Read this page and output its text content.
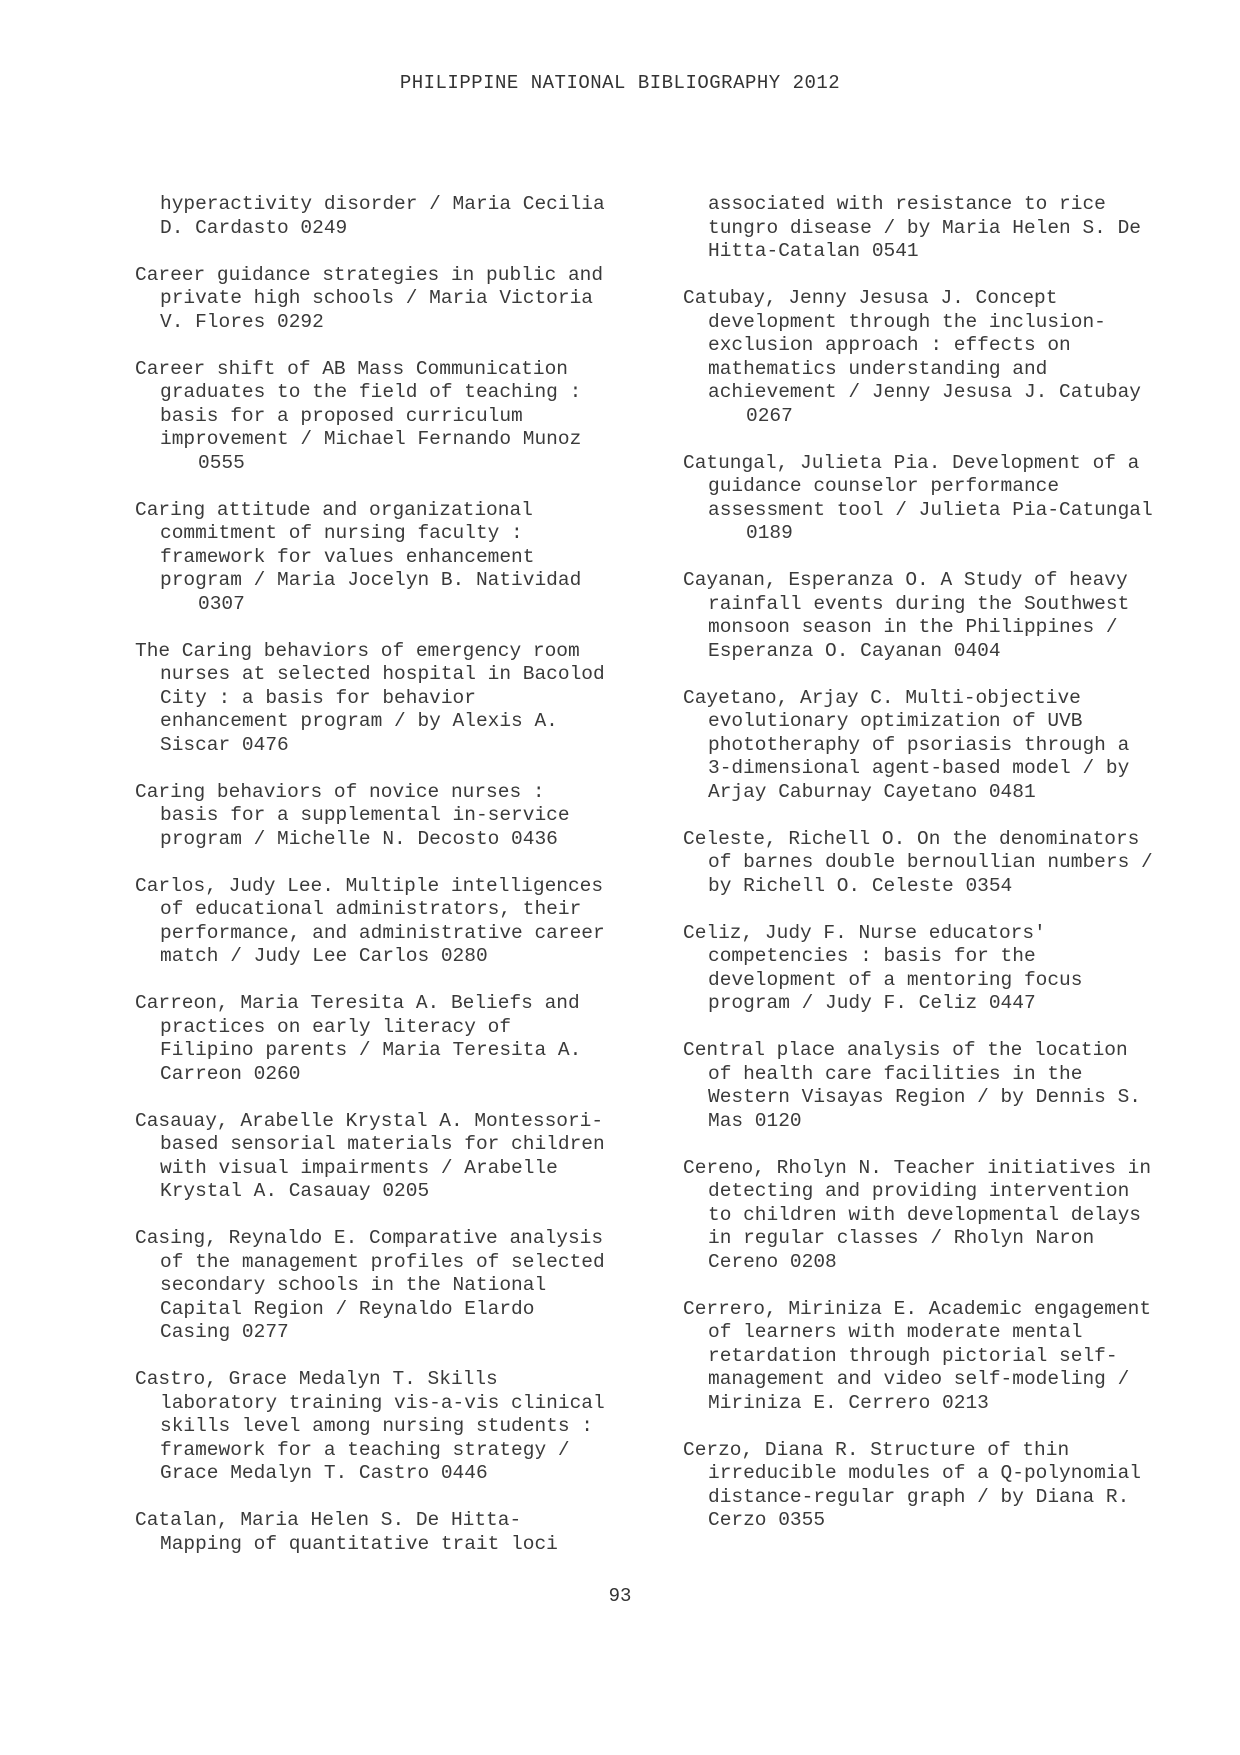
PHILIPPINE NATIONAL BIBLIOGRAPHY 2012
hyperactivity disorder / Maria Cecilia
D. Cardasto 0249
Career guidance strategies in public and
private high schools / Maria Victoria
V. Flores 0292
Career shift of AB Mass Communication
graduates to the field of teaching :
basis for a proposed curriculum
improvement / Michael Fernando Munoz
0555
Caring attitude and organizational
commitment of nursing faculty :
framework for values enhancement
program / Maria Jocelyn B. Natividad
0307
The Caring behaviors of emergency room
nurses at selected hospital in Bacolod
City : a basis for behavior
enhancement program / by Alexis A.
Siscar 0476
Caring behaviors of novice nurses :
basis for a supplemental in-service
program / Michelle N. Decosto 0436
Carlos, Judy Lee. Multiple intelligences
of educational administrators, their
performance, and administrative career
match / Judy Lee Carlos 0280
Carreon, Maria Teresita A. Beliefs and
practices on early literacy of
Filipino parents / Maria Teresita A.
Carreon 0260
Casauay, Arabelle Krystal A. Montessori-
based sensorial materials for children
with visual impairments / Arabelle
Krystal A. Casauay 0205
Casing, Reynaldo E. Comparative analysis
of the management profiles of selected
secondary schools in the National
Capital Region / Reynaldo Elardo
Casing 0277
Castro, Grace Medalyn T. Skills
laboratory training vis-a-vis clinical
skills level among nursing students :
framework for a teaching strategy /
Grace Medalyn T. Castro 0446
Catalan, Maria Helen S. De Hitta-
Mapping of quantitative trait loci
associated with resistance to rice
tungro disease / by Maria Helen S. De
Hitta-Catalan 0541
Catubay, Jenny Jesusa J. Concept
development through the inclusion-
exclusion approach : effects on
mathematics understanding and
achievement / Jenny Jesusa J. Catubay
0267
Catungal, Julieta Pia. Development of a
guidance counselor performance
assessment tool / Julieta Pia-Catungal
0189
Cayanan, Esperanza O. A Study of heavy
rainfall events during the Southwest
monsoon season in the Philippines /
Esperanza O. Cayanan 0404
Cayetano, Arjay C. Multi-objective
evolutionary optimization of UVB
phototheraphy of psoriasis through a
3-dimensional agent-based model / by
Arjay Caburnay Cayetano 0481
Celeste, Richell O. On the denominators
of barnes double bernoullian numbers /
by Richell O. Celeste 0354
Celiz, Judy F. Nurse educators'
competencies : basis for the
development of a mentoring focus
program / Judy F. Celiz 0447
Central place analysis of the location
of health care facilities in the
Western Visayas Region / by Dennis S.
Mas 0120
Cereno, Rholyn N. Teacher initiatives in
detecting and providing intervention
to children with developmental delays
in regular classes / Rholyn Naron
Cereno 0208
Cerrero, Miriniza E. Academic engagement
of learners with moderate mental
retardation through pictorial self-
management and video self-modeling /
Miriniza E. Cerrero 0213
Cerzo, Diana R. Structure of thin
irreducible modules of a Q-polynomial
distance-regular graph / by Diana R.
Cerzo 0355
93
